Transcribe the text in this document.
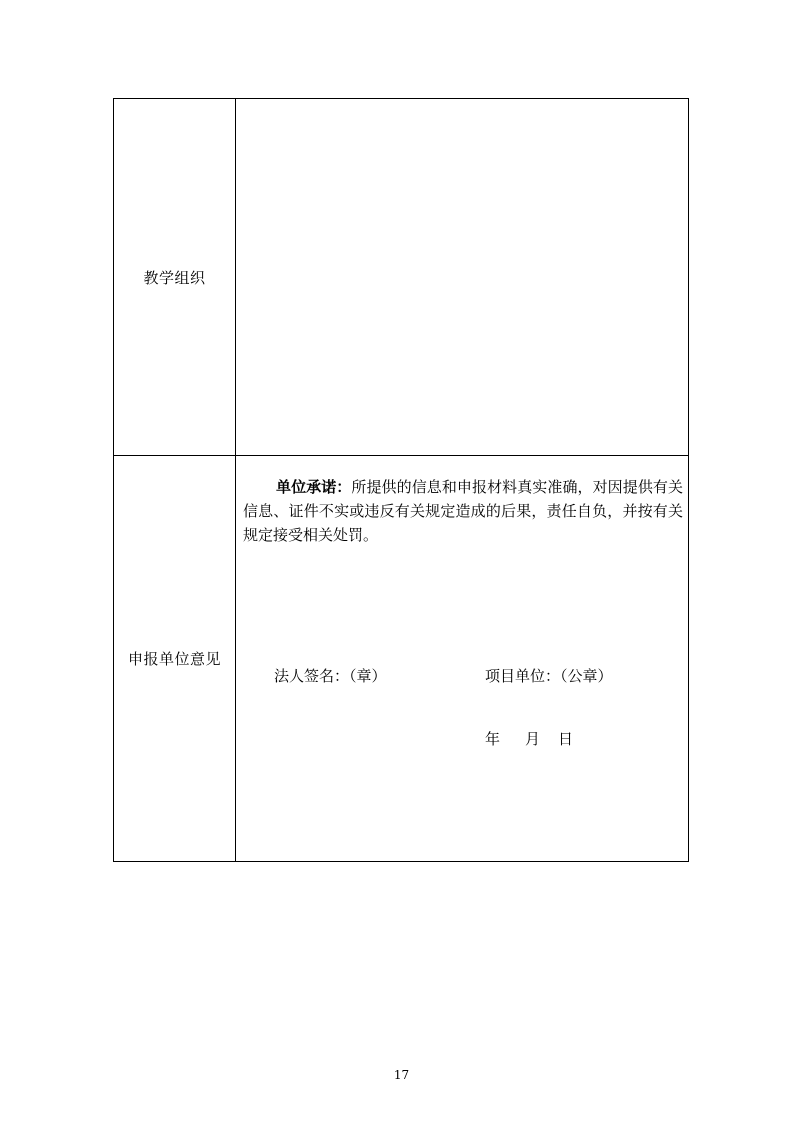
教学组织
申报单位意见
单位承诺：所提供的信息和申报材料真实准确，对因提供有关信息、证件不实或违反有关规定造成的后果，责任自负，并按有关规定接受相关处罚。
法人签名：（章）	项目单位：（公章）
年 月 日
17
